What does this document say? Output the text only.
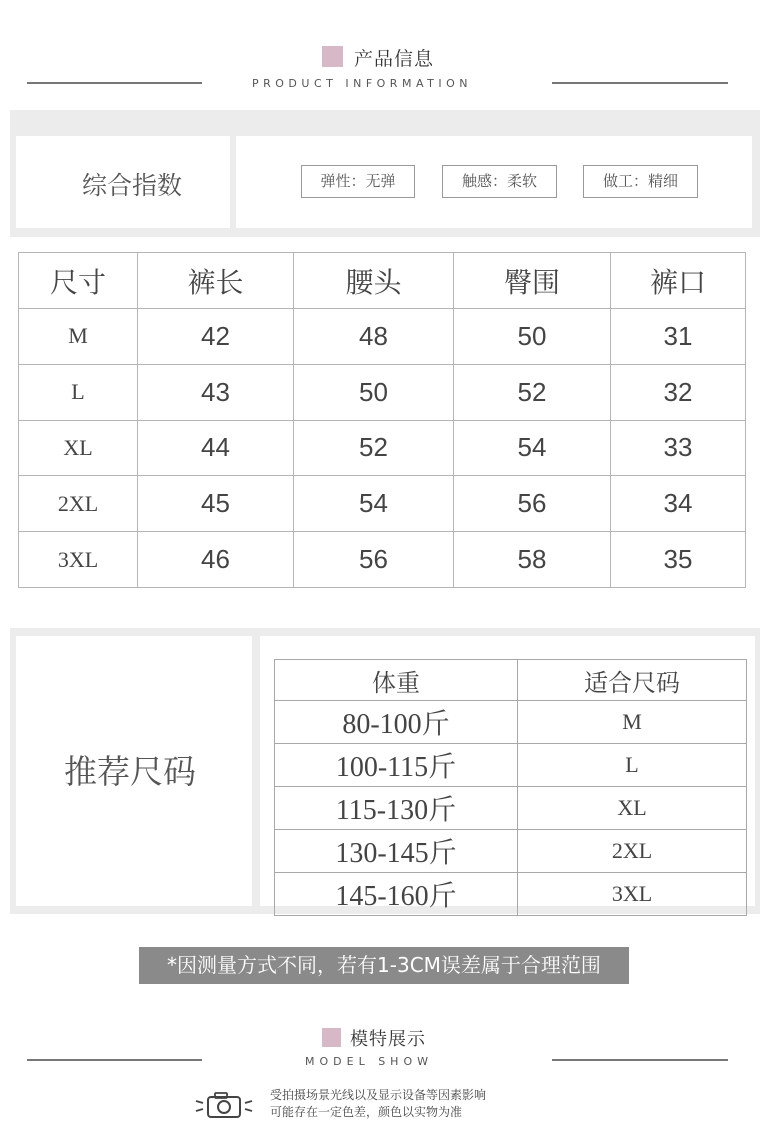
产品信息
PRODUCT INFORMATION
综合指数	弹性：无弹	触感：柔软	做工：精细
尺寸	裤长	腰头	臀围	裤口
M	42	48	50	31
L	43	50	52	32
XL	44	52	54	33
2XL	45	54	56	34
3XL	46	56	58	35
推荐尺码
体重	适合尺码
80-100斤	M
100-115斤	L
115-130斤	XL
130-145斤	2XL
145-160斤	3XL
*因测量方式不同，若有1-3CM误差属于合理范围
模特展示
MODEL SHOW
受拍摄场景光线以及显示设备等因素影响
可能存在一定色差，颜色以实物为准
